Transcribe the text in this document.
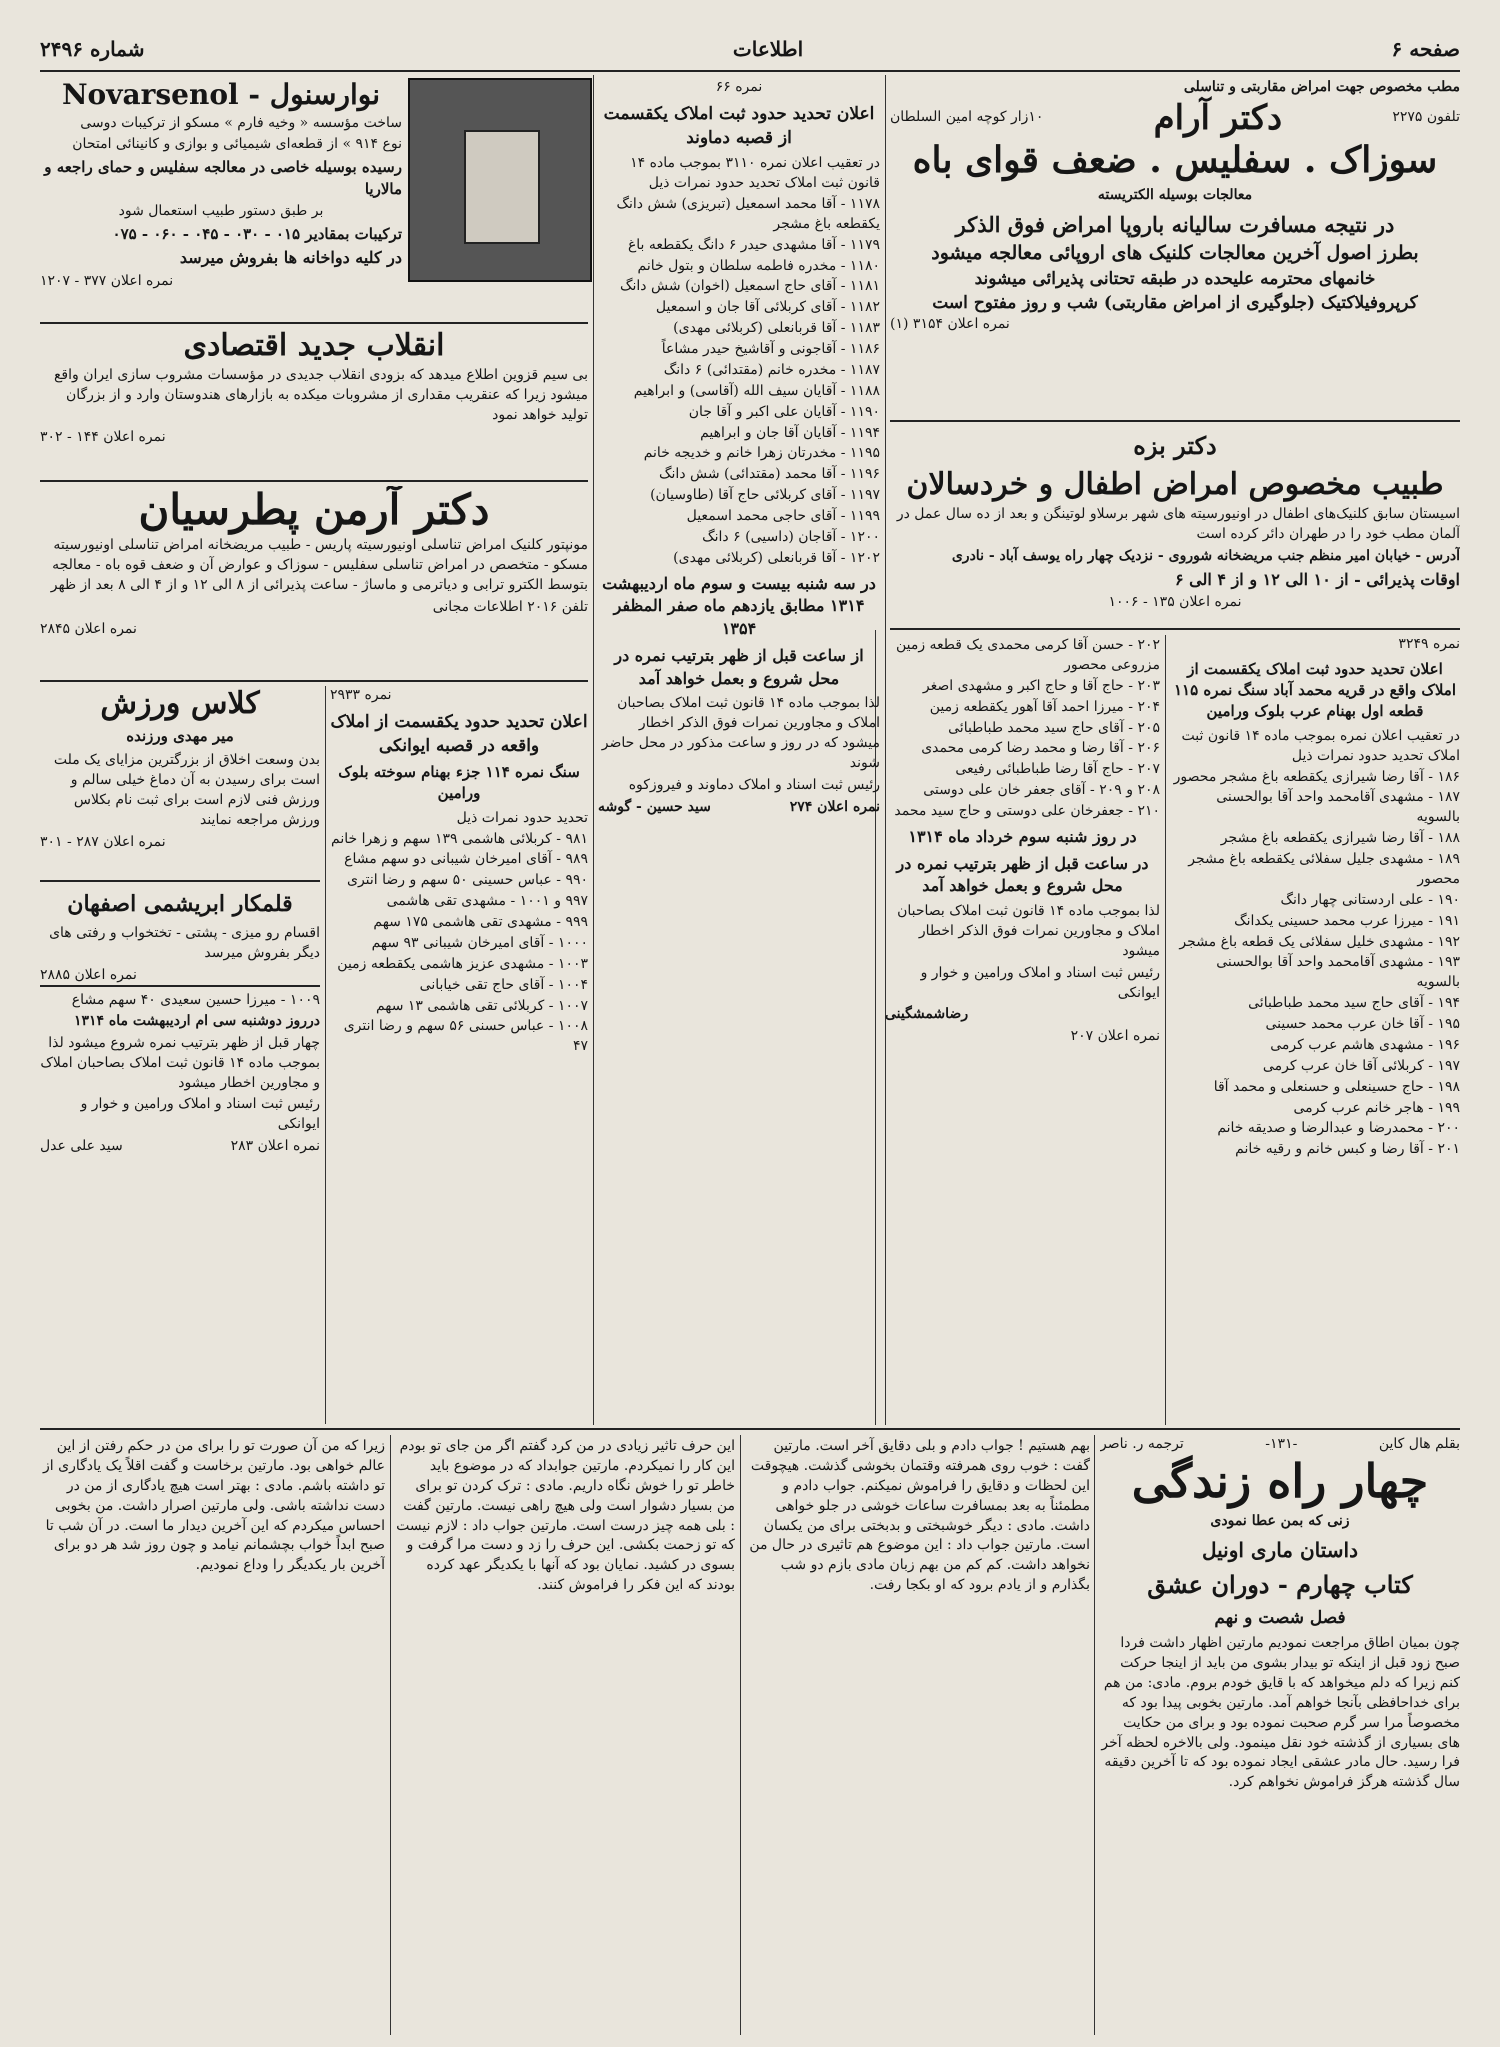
صفحه ۶
اطلاعات
شماره ۲۴۹۶
مطب مخصوص جهت امراض مقاربتی و تناسلی
تلفون ۲۲۷۵
دکتر آرام
۱۰زار کوچه امین السلطان
سوزاک . سفلیس . ضعف قوای باه
معالجات بوسیله الکتریسته
در نتیجه مسافرت سالیانه باروپا امراض فوق الذکر
بطرز اصول آخرین معالجات کلنیک های اروپائی معالجه میشود
خانمهای محترمه علیحده در طبقه تحتانی پذیرائی میشوند
کرپروفیلاکتیک (جلوگیری از امراض مقاربتی) شب و روز مفتوح است
نمره اعلان ۳۱۵۴ (۱)
دکتر بزه
طبیب مخصوص امراض اطفال و خردسالان

اسیستان سابق کلنیک‌های اطفال در اونیورسیته های شهر برسلاو لوتینگن و بعد از ده سال عمل در آلمان مطب خود را در طهران دائر کرده است

آدرس - خیابان امیر منظم جنب مریضخانه شوروی - نزدیک چهار راه یوسف آباد - نادری

اوقات پذیرائی - از ۱۰ الی ۱۲ و از ۴ الی ۶

نمره اعلان ۱۳۵ - ۱۰۰۶

نمره ۳۲۴۹
اعلان تحدید حدود ثبت املاک یکقسمت از املاک واقع در قریه محمد آباد سنگ نمره ۱۱۵ قطعه اول بهنام عرب بلوک ورامین
در تعقیب اعلان نمره بموجب ماده ۱۴ قانون ثبت املاک تحدید حدود نمرات ذیل
۱۸۶ - آقا رضا شیرازی یکقطعه باغ مشجر محصور
۱۸۷ - مشهدی آقامحمد واحد آقا بوالحسنی بالسویه
۱۸۸ - آقا رضا شیرازی یکقطعه باغ مشجر
۱۸۹ - مشهدی جلیل سفلائی یکقطعه باغ مشجر محصور
۱۹۰ - علی اردستانی چهار دانگ
۱۹۱ - میرزا عرب محمد حسینی یکدانگ
۱۹۲ - مشهدی خلیل سفلائی یک قطعه باغ مشجر
۱۹۳ - مشهدی آقامحمد واحد آقا بوالحسنی بالسویه
۱۹۴ - آقای حاج سید محمد طباطبائی
۱۹۵ - آقا خان عرب محمد حسینی
۱۹۶ - مشهدی هاشم عرب کرمی
۱۹۷ - کربلائی آقا خان عرب کرمی
۱۹۸ - حاج حسینعلی و حسنعلی و محمد آقا
۱۹۹ - هاجر خانم عرب کرمی
۲۰۰ - محمدرضا و عبدالرضا و صدیقه خانم
۲۰۱ - آقا رضا و کبس خانم و رقیه خانم
۲۰۲ - حسن آقا کرمی محمدی یک قطعه زمین مزروعی محصور
۲۰۳ - حاج آقا و حاج اکبر و مشهدی اصغر
۲۰۴ - میرزا احمد آقا آهور یکقطعه زمین
۲۰۵ - آقای حاج سید محمد طباطبائی
۲۰۶ - آقا رضا و محمد رضا کرمی محمدی
۲۰۷ - حاج آقا رضا طباطبائی رفیعی
۲۰۸ و ۲۰۹ - آقای جعفر خان علی دوستی
۲۱۰ - جعفرخان علی دوستی و حاج سید محمد
در روز شنبه سوم خرداد ماه ۱۳۱۴
در ساعت قبل از ظهر بترتیب نمره در محل شروع و بعمل خواهد آمد

لذا بموجب ماده ۱۴ قانون ثبت املاک بصاحبان املاک و مجاورین نمرات فوق الذکر اخطار میشود

رئیس ثبت اسناد و املاک ورامین و خوار و ایوانکی

رضاشمشگینی

نمره اعلان ۲۰۷

نمره ۶۶
اعلان تحدید حدود ثبت املاک یکقسمت از قصبه دماوند
در تعقیب اعلان نمره ۳۱۱۰ بموجب ماده ۱۴ قانون ثبت املاک تحدید حدود نمرات ذیل
۱۱۷۸ - آقا محمد اسمعیل (تبریزی) شش دانگ یکقطعه باغ مشجر
۱۱۷۹ - آقا مشهدی حیدر ۶ دانگ یکقطعه باغ
۱۱۸۰ - مخدره فاطمه سلطان و بتول خانم
۱۱۸۱ - آقای حاج اسمعیل (اخوان) شش دانگ
۱۱۸۲ - آقای کربلائی آقا جان و اسمعیل
۱۱۸۳ - آقا قربانعلی (کربلائی مهدی)
۱۱۸۶ - آقاجونی و آقاشیخ حیدر مشاعاً
۱۱۸۷ - مخدره خانم (مقتدائی) ۶ دانگ
۱۱۸۸ - آقایان سیف الله (آقاسی) و ابراهیم
۱۱۹۰ - آقایان علی اکبر و آقا جان
۱۱۹۴ - آقایان آقا جان و ابراهیم
۱۱۹۵ - مخدرتان زهرا خانم و خدیجه خانم
۱۱۹۶ - آقا محمد (مقتدائی) شش دانگ
۱۱۹۷ - آقای کربلائی حاج آقا (طاوسیان)
۱۱۹۹ - آقای حاجی محمد اسمعیل
۱۲۰۰ - آقاجان (داسیی) ۶ دانگ
۱۲۰۲ - آقا قربانعلی (کربلائی مهدی)
در سه شنبه بیست و سوم ماه اردیبهشت ۱۳۱۴ مطابق یازدهم ماه صفر المظفر ۱۳۵۴
از ساعت قبل از ظهر بترتیب نمره در محل شروع و بعمل خواهد آمد

لذا بموجب ماده ۱۴ قانون ثبت املاک بصاحبان املاک و مجاورین نمرات فوق الذکر اخطار میشود که در روز و ساعت مذکور در محل حاضر شوند

رئیس ثبت اسناد و املاک دماوند و فیروزکوه

نمره اعلان ۲۷۴
سید حسین - گوشه

نوارسنول - Novarsenol

ساخت مؤسسه « وخیه فارم » مسکو از ترکیبات دوسی

نوع ۹۱۴ » از قطعه‌ای شیمیائی و بوازی و کانینائی امتحان

رسیده بوسیله خاصی در معالجه سفلیس و حمای راجعه و مالاریا

بر طبق دستور طبیب استعمال شود

ترکیبات بمقادیر ۰۱۵ - ۰۳۰ - ۰۴۵ - ۰۶۰ - ۰۷۵

در کلیه دواخانه ها بفروش میرسد

نمره اعلان ۳۷۷ - ۱۲۰۷

انقلاب جدید اقتصادی

بی سیم قزوین اطلاع میدهد که بزودی انقلاب جدیدی در مؤسسات مشروب سازی ایران واقع میشود زیرا که عنقریب مقداری از مشروبات میکده به بازارهای هندوستان وارد و از بزرگان تولید خواهد نمود

نمره اعلان ۱۴۴ - ۳۰۲

دکتر آرمن پطرسیان

مونپتور کلنیک امراض تناسلی اونیورسیته پاریس - طبیب مریضخانه امراض تناسلی اونیورسیته مسکو - متخصص در امراض تناسلی سفلیس - سوزاک و عوارض آن و ضعف قوه باه - معالجه بتوسط الکترو ترابی و دیاترمی و ماساژ - ساعت پذیرائی از ۸ الی ۱۲ و از ۴ الی ۸ بعد از ظهر

تلفن ۲۰۱۶ اطلاعات مجانی

نمره اعلان ۲۸۴۵

نمره ۲۹۳۳
اعلان تحدید حدود یکقسمت از املاک واقعه در قصبه ایوانکی
سنگ نمره ۱۱۴ جزء بهنام سوخته بلوک ورامین
تحدید حدود نمرات ذیل
۹۸۱ - کربلائی هاشمی ۱۳۹ سهم و زهرا خانم
۹۸۹ - آقای امیرخان شیبانی دو سهم مشاع
۹۹۰ - عباس حسینی ۵۰ سهم و رضا انتری
۹۹۷ و ۱۰۰۱ - مشهدی تقی هاشمی
۹۹۹ - مشهدی تقی هاشمی ۱۷۵ سهم
۱۰۰۰ - آقای امیرخان شیبانی ۹۳ سهم
۱۰۰۳ - مشهدی عزیز هاشمی یکقطعه زمین
۱۰۰۴ - آقای حاج تقی خیابانی
۱۰۰۷ - کربلائی تقی هاشمی ۱۳ سهم
۱۰۰۸ - عباس حسنی ۵۶ سهم و رضا انتری ۴۷
کلاس ورزش
میر مهدی ورزنده

بدن وسعت اخلاق از بزرگترین مزایای یک ملت است برای رسیدن به آن دماغ خیلی سالم و ورزش فنی لازم است برای ثبت نام بکلاس ورزش مراجعه نمایند

نمره اعلان ۲۸۷ - ۳۰۱

قلمکار ابریشمی اصفهان

اقسام رو میزی - پشتی - تختخواب و رفتی های دیگر بفروش میرسد

نمره اعلان ۲۸۸۵

۱۰۰۹ - میرزا حسین سعیدی ۴۰ سهم مشاع
درروز دوشنبه سی ام اردیبهشت ماه ۱۳۱۴

چهار قبل از ظهر بترتیب نمره شروع میشود لذا بموجب ماده ۱۴ قانون ثبت املاک بصاحبان املاک و مجاورین اخطار میشود

رئیس ثبت اسناد و املاک ورامین و خوار و ایوانکی

نمره اعلان ۲۸۳
سید علی عدل

بقلم هال کاین
-۱۳۱-
ترجمه ر. ناصر
چهار راه زندگی
زنی که بمن عطا نمودی
داستان ماری اونیل
کتاب چهارم - دوران عشق
فصل شصت و نهم

چون بمیان اطاق مراجعت نمودیم مارتین اظهار داشت فردا صبح زود قبل از اینکه تو بیدار بشوی من باید از اینجا حرکت کنم زیرا که دلم میخواهد که با قایق خودم بروم. مادی: من هم برای خداحافظی بآنجا خواهم آمد. مارتین بخوبی پیدا بود که مخصوصاً مرا سر گرم صحبت نموده بود و برای من حکایت های بسیاری از گذشته خود نقل مینمود. ولی بالاخره لحظه آخر فرا رسید. حال مادر عشقی ایجاد نموده بود که تا آخرین دقیقه سال گذشته هرگز فراموش نخواهم کرد.

بهم هستیم ! جواب دادم و بلی دقایق آخر است. مارتین گفت : خوب روی همرفته وقتمان بخوشی گذشت. هیچوقت این لحظات و دقایق را فراموش نمیکنم. جواب دادم و مطمئناً به بعد بمسافرت ساعات خوشی در جلو خواهی داشت. مادی : دیگر خوشبختی و بدبختی برای من یکسان است. مارتین جواب داد : این موضوع هم تاثیری در حال من نخواهد داشت. کم کم من بهم زبان مادی بازم دو شب بگذارم و از یادم برود که او بکجا رفت.

این حرف تاثیر زیادی در من کرد گفتم اگر من جای تو بودم این کار را نمیکردم. مارتین جوابداد که در موضوع باید خاطر تو را خوش نگاه داریم. مادی : ترک کردن تو برای من بسیار دشوار است ولی هیچ راهی نیست. مارتین گفت : بلی همه چیز درست است. مارتین جواب داد : لازم نیست که تو زحمت بکشی. این حرف را زد و دست مرا گرفت و بسوی در کشید. نمایان بود که آنها با یکدیگر عهد کرده بودند که این فکر را فراموش کنند.

زیرا که من آن صورت تو را برای من در حکم رفتن از این عالم خواهی بود. مارتین برخاست و گفت اقلاً یک یادگاری از تو داشته باشم. مادی : بهتر است هیچ یادگاری از من در دست نداشته باشی. ولی مارتین اصرار داشت. من بخوبی احساس میکردم که این آخرین دیدار ما است. در آن شب تا صبح ابداً خواب بچشمانم نیامد و چون روز شد هر دو برای آخرین بار یکدیگر را وداع نمودیم.
